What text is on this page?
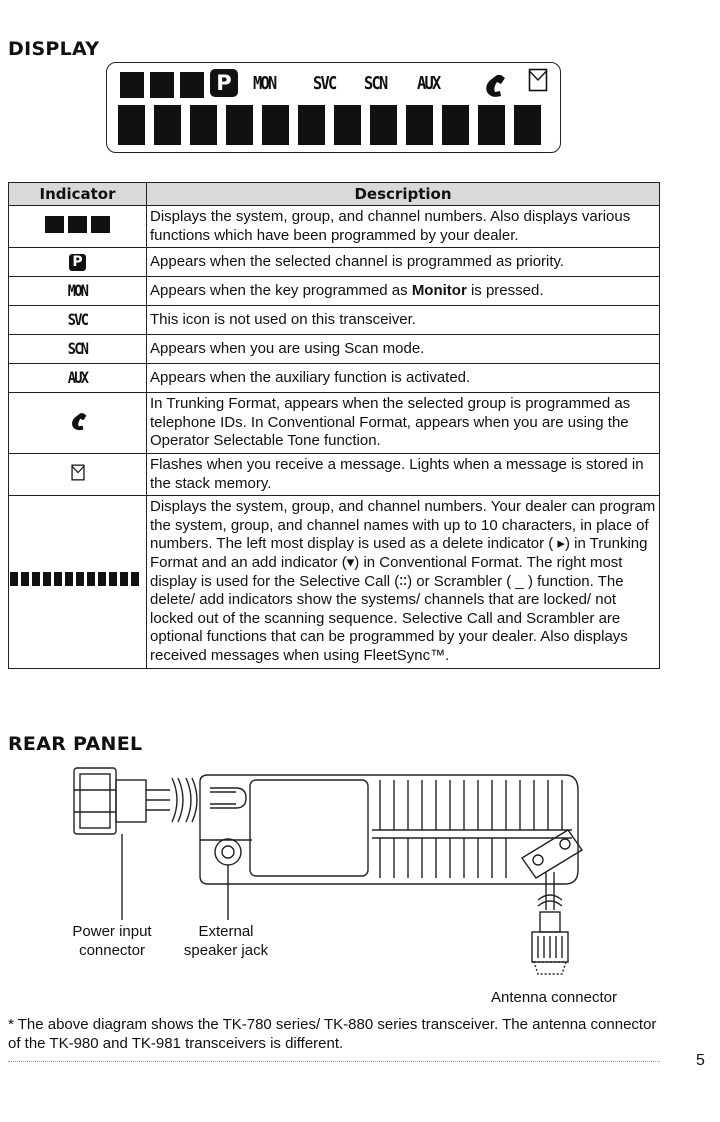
DISPLAY
P	MON SVC SCN AUX
Indicator	Description
	Displays the system, group, and channel numbers. Also displays various functions which have been programmed by your dealer.
P	Appears when the selected channel is programmed as priority.
MON	Appears when the key programmed as Monitor is pressed.
SVC	This icon is not used on this transceiver.
SCN	Appears when you are using Scan mode.
AUX	Appears when the auxiliary function is activated.
	In Trunking Format, appears when the selected group is programmed as telephone IDs. In Conventional Format, appears when you are using the Operator Selectable Tone function.
	Flashes when you receive a message. Lights when a message is stored in the stack memory.
	Displays the system, group, and channel numbers. Your dealer can program the system, group, and channel names with up to 10 characters, in place of numbers. The left most display is used as a delete indicator ( ▸) in Trunking Format and an add indicator (▾) in Conventional Format. The right most display is used for the Selective Call (∶∶) or Scrambler ( _ ) function. The delete/ add indicators show the systems/ channels that are locked/ not locked out of the scanning sequence. Selective Call and Scrambler are optional functions that can be programmed by your dealer. Also displays received messages when using FleetSync™.
REAR PANEL
Power input
connector
External
speaker jack
Antenna connector
* The above diagram shows the TK-780 series/ TK-880 series transceiver. The antenna connector of the TK-980 and TK-981 transceivers is different.
5
